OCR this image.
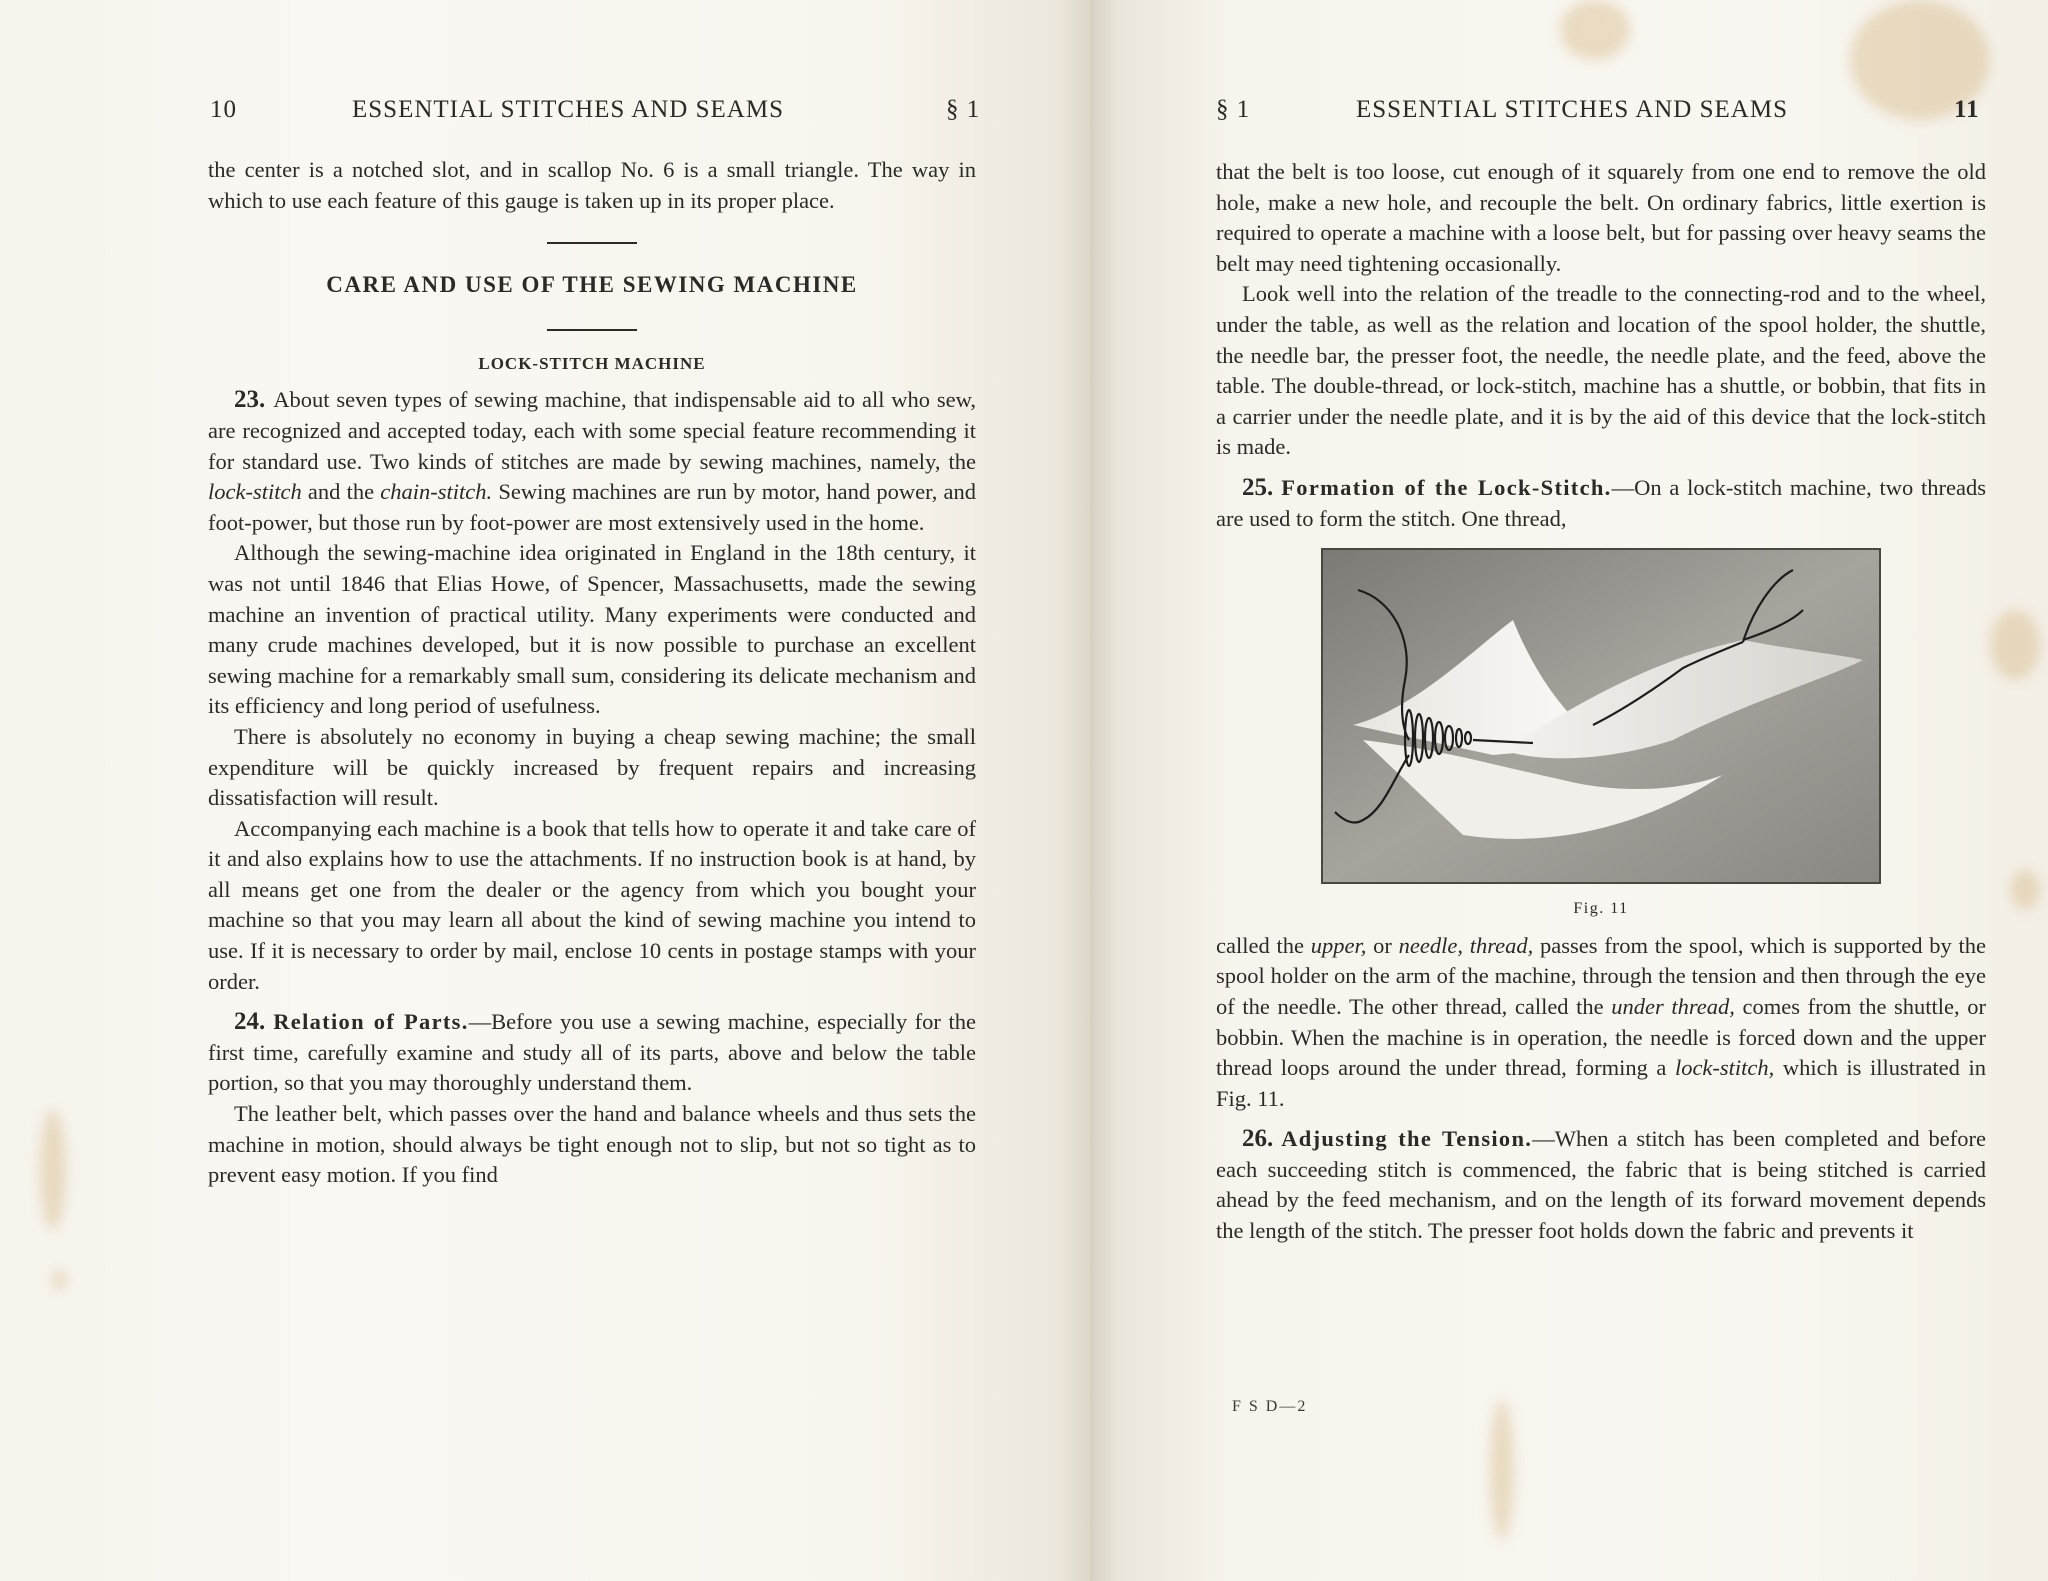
10	ESSENTIAL STITCHES AND SEAMS	§ 1

the center is a notched slot, and in scallop No. 6 is a small triangle. The way in which to use each feature of this gauge is taken up in its proper place.

CARE AND USE OF THE SEWING MACHINE
LOCK-STITCH MACHINE

23. About seven types of sewing machine, that indispensable aid to all who sew, are recognized and accepted today, each with some special feature recommending it for standard use. Two kinds of stitches are made by sewing machines, namely, the lock-stitch and the chain-stitch. Sewing machines are run by motor, hand power, and foot-power, but those run by foot-power are most extensively used in the home.

Although the sewing-machine idea originated in England in the 18th century, it was not until 1846 that Elias Howe, of Spencer, Massachusetts, made the sewing machine an invention of practical utility. Many experiments were conducted and many crude machines developed, but it is now possible to purchase an excellent sewing machine for a remarkably small sum, considering its delicate mechanism and its efficiency and long period of usefulness.

There is absolutely no economy in buying a cheap sewing machine; the small expenditure will be quickly increased by frequent repairs and increasing dissatisfaction will result.

Accompanying each machine is a book that tells how to operate it and take care of it and also explains how to use the attachments. If no instruction book is at hand, by all means get one from the dealer or the agency from which you bought your machine so that you may learn all about the kind of sewing machine you intend to use. If it is necessary to order by mail, enclose 10 cents in postage stamps with your order.

24. Relation of Parts.—Before you use a sewing machine, especially for the first time, carefully examine and study all of its parts, above and below the table portion, so that you may thoroughly understand them.

The leather belt, which passes over the hand and balance wheels and thus sets the machine in motion, should always be tight enough not to slip, but not so tight as to prevent easy motion. If you find

§ 1	ESSENTIAL STITCHES AND SEAMS	11

that the belt is too loose, cut enough of it squarely from one end to remove the old hole, make a new hole, and recouple the belt. On ordinary fabrics, little exertion is required to operate a machine with a loose belt, but for passing over heavy seams the belt may need tightening occasionally.

Look well into the relation of the treadle to the connecting-rod and to the wheel, under the table, as well as the relation and location of the spool holder, the shuttle, the needle bar, the presser foot, the needle, the needle plate, and the feed, above the table. The double-thread, or lock-stitch, machine has a shuttle, or bobbin, that fits in a carrier under the needle plate, and it is by the aid of this device that the lock-stitch is made.

25. Formation of the Lock-Stitch.—On a lock-stitch machine, two threads are used to form the stitch. One thread,

Fig. 11

called the upper, or needle, thread, passes from the spool, which is supported by the spool holder on the arm of the machine, through the tension and then through the eye of the needle. The other thread, called the under thread, comes from the shuttle, or bobbin. When the machine is in operation, the needle is forced down and the upper thread loops around the under thread, forming a lock-stitch, which is illustrated in Fig. 11.

26. Adjusting the Tension.—When a stitch has been completed and before each succeeding stitch is commenced, the fabric that is being stitched is carried ahead by the feed mechanism, and on the length of its forward movement depends the length of the stitch. The presser foot holds down the fabric and prevents it

F S D—2
